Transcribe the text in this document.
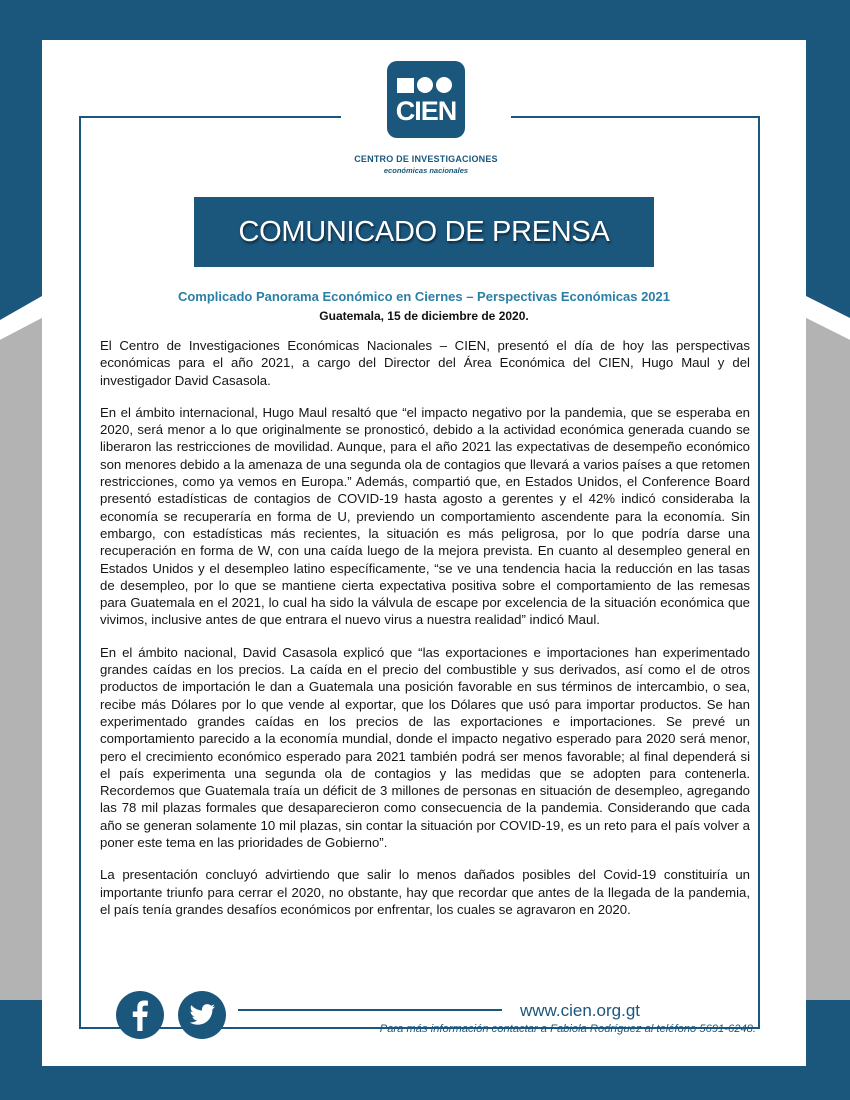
CIEN
CENTRO DE INVESTIGACIONES
económicas nacionales
COMUNICADO DE PRENSA
Complicado Panorama Económico en Ciernes – Perspectivas Económicas 2021
Guatemala, 15 de diciembre de 2020.

El Centro de Investigaciones Económicas Nacionales – CIEN, presentó el día de hoy las perspectivas económicas para el año 2021, a cargo del Director del Área Económica del CIEN, Hugo Maul y del investigador David Casasola.

En el ámbito internacional, Hugo Maul resaltó que “el impacto negativo por la pandemia, que se esperaba en 2020, será menor a lo que originalmente se pronosticó, debido a la actividad económica generada cuando se liberaron las restricciones de movilidad. Aunque, para el año 2021 las expectativas de desempeño económico son menores debido a la amenaza de una segunda ola de contagios que llevará a varios países a que retomen restricciones, como ya vemos en Europa.” Además, compartió que, en Estados Unidos, el Conference Board presentó estadísticas de contagios de COVID-19 hasta agosto a gerentes y el 42% indicó consideraba la economía se recuperaría en forma de U, previendo un comportamiento ascendente para la economía. Sin embargo, con estadísticas más recientes, la situación es más peligrosa, por lo que podría darse una recuperación en forma de W, con una caída luego de la mejora prevista. En cuanto al desempleo general en Estados Unidos y el desempleo latino específicamente, “se ve una tendencia hacia la reducción en las tasas de desempleo, por lo que se mantiene cierta expectativa positiva sobre el comportamiento de las remesas para Guatemala en el 2021, lo cual ha sido la válvula de escape por excelencia de la situación económica que vivimos, inclusive antes de que entrara el nuevo virus a nuestra realidad” indicó Maul.

En el ámbito nacional, David Casasola explicó que “las exportaciones e importaciones han experimentado grandes caídas en los precios. La caída en el precio del combustible y sus derivados, así como el de otros productos de importación le dan a Guatemala una posición favorable en sus términos de intercambio, o sea, recibe más Dólares por lo que vende al exportar, que los Dólares que usó para importar productos. Se han experimentado grandes caídas en los precios de las exportaciones e importaciones. Se prevé un comportamiento parecido a la economía mundial, donde el impacto negativo esperado para 2020 será menor, pero el crecimiento económico esperado para 2021 también podrá ser menos favorable; al final dependerá si el país experimenta una segunda ola de contagios y las medidas que se adopten para contenerla. Recordemos que Guatemala traía un déficit de 3 millones de personas en situación de desempleo, agregando las 78 mil plazas formales que desaparecieron como consecuencia de la pandemia. Considerando que cada año se generan solamente 10 mil plazas, sin contar la situación por COVID-19, es un reto para el país volver a poner este tema en las prioridades de Gobierno”.

La presentación concluyó advirtiendo que salir lo menos dañados posibles del Covid-19 constituiría un importante triunfo para cerrar el 2020, no obstante, hay que recordar que antes de la llegada de la pandemia, el país tenía grandes desafíos económicos por enfrentar, los cuales se agravaron en 2020.

www.cien.org.gt
Para más información contactar a Fabiola Rodríguez al teléfono 5691-6248.
